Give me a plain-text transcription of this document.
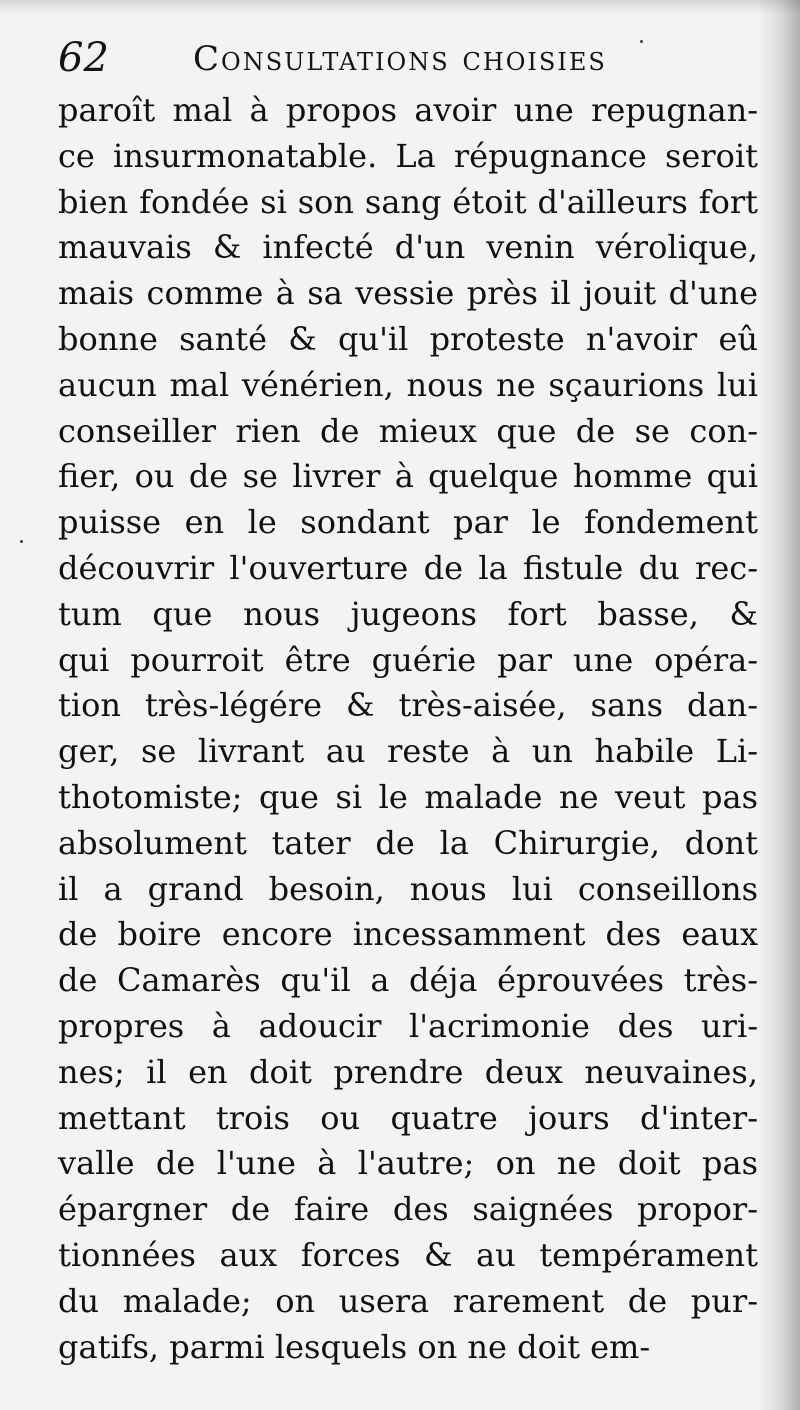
62 Consultations choisies
paroît mal à propos avoir une repugnan-
ce insurmonatable. La répugnance seroit
bien fondée si son sang étoit d'ailleurs fort
mauvais & infecté d'un venin vérolique,
mais comme à sa vessie près il jouit d'une
bonne santé & qu'il proteste n'avoir eû
aucun mal vénérien, nous ne sçaurions lui
conseiller rien de mieux que de se con-
fier, ou de se livrer à quelque homme qui
puisse en le sondant par le fondement
découvrir l'ouverture de la fistule du rec-
tum que nous jugeons fort basse, &
qui pourroit être guérie par une opéra-
tion très-légére & très-aisée, sans dan-
ger, se livrant au reste à un habile Li-
thotomiste; que si le malade ne veut pas
absolument tater de la Chirurgie, dont
il a grand besoin, nous lui conseillons
de boire encore incessamment des eaux
de Camarès qu'il a déja éprouvées très-
propres à adoucir l'acrimonie des uri-
nes; il en doit prendre deux neuvaines,
mettant trois ou quatre jours d'inter-
valle de l'une à l'autre; on ne doit pas
épargner de faire des saignées propor-
tionnées aux forces & au tempérament
du malade; on usera rarement de pur-
gatifs, parmi lesquels on ne doit em-
